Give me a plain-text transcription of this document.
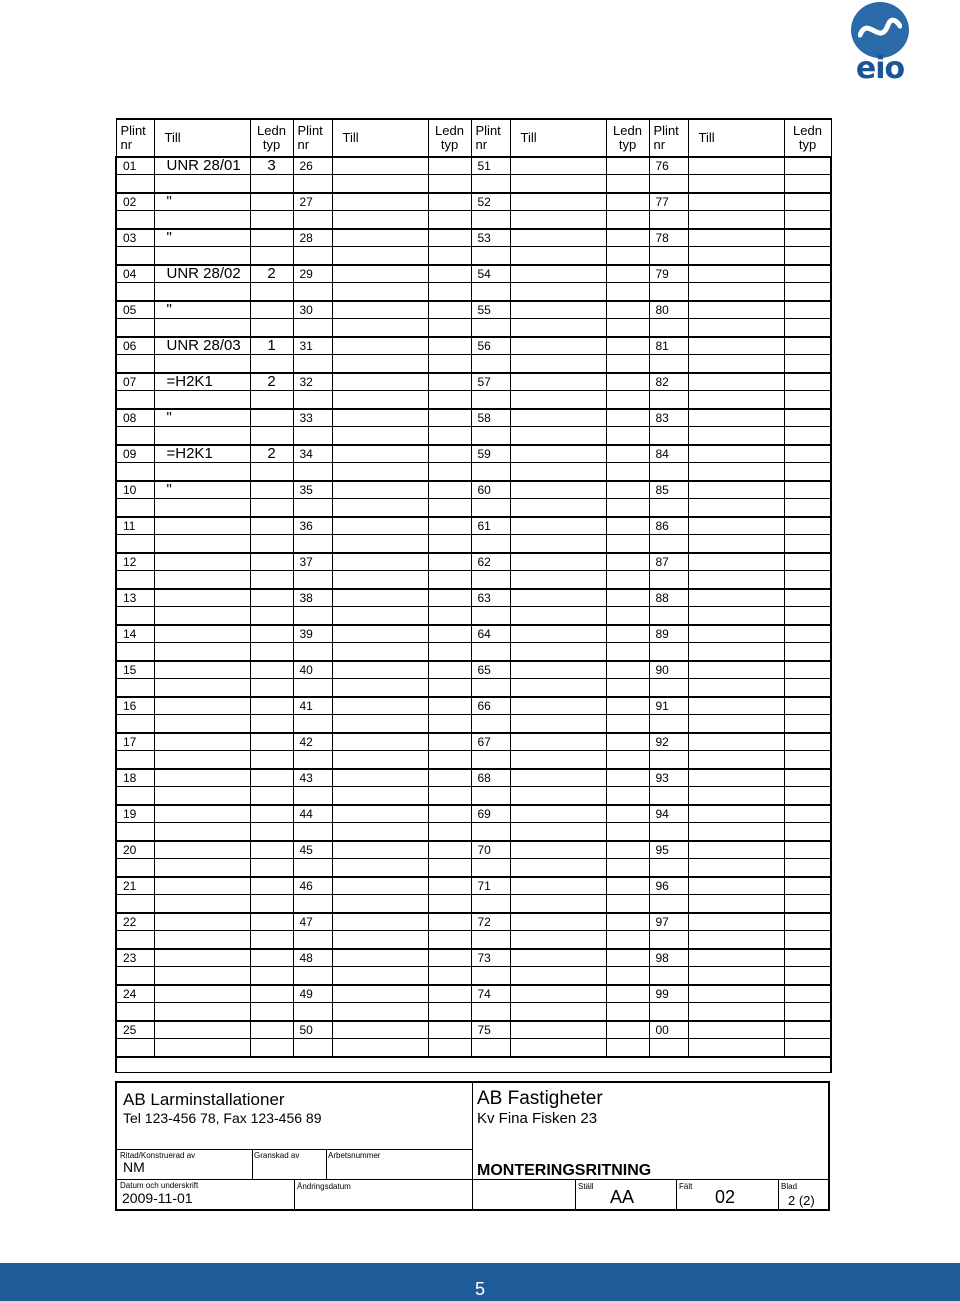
eio
Plint nr	Till	Ledn typ	Plint nr	Till	Ledn typ	Plint nr	Till	Ledn typ	Plint nr	Till	Ledn typ
01	UNR 28/01	3	26			51			76		

02	"		27			52			77		

03	"		28			53			78		

04	UNR 28/02	2	29			54			79		

05	"		30			55			80		

06	UNR 28/03	1	31			56			81		

07	=H2K1	2	32			57			82		

08	"		33			58			83		

09	=H2K1	2	34			59			84		

10	"		35			60			85		

11			36			61			86		

12			37			62			87		

13			38			63			88		

14			39			64			89		

15			40			65			90		

16			41			66			91		

17			42			67			92		

18			43			68			93		

19			44			69			94		

20			45			70			95		

21			46			71			96		

22			47			72			97		

23			48			73			98		

24			49			74			99		

25			50			75			00		

AB Larminstallationer
Tel 123-456 78, Fax 123-456 89
AB Fastigheter
Kv Fina Fisken 23
Ritad/Konstruerad av
NM
Granskad av	Arbetsnummer
MONTERINGSRITNING
Datum och underskrift
2009-11-01
Ändringsdatum	Ställ
AA
Fält
02
Blad
2 (2)
5
